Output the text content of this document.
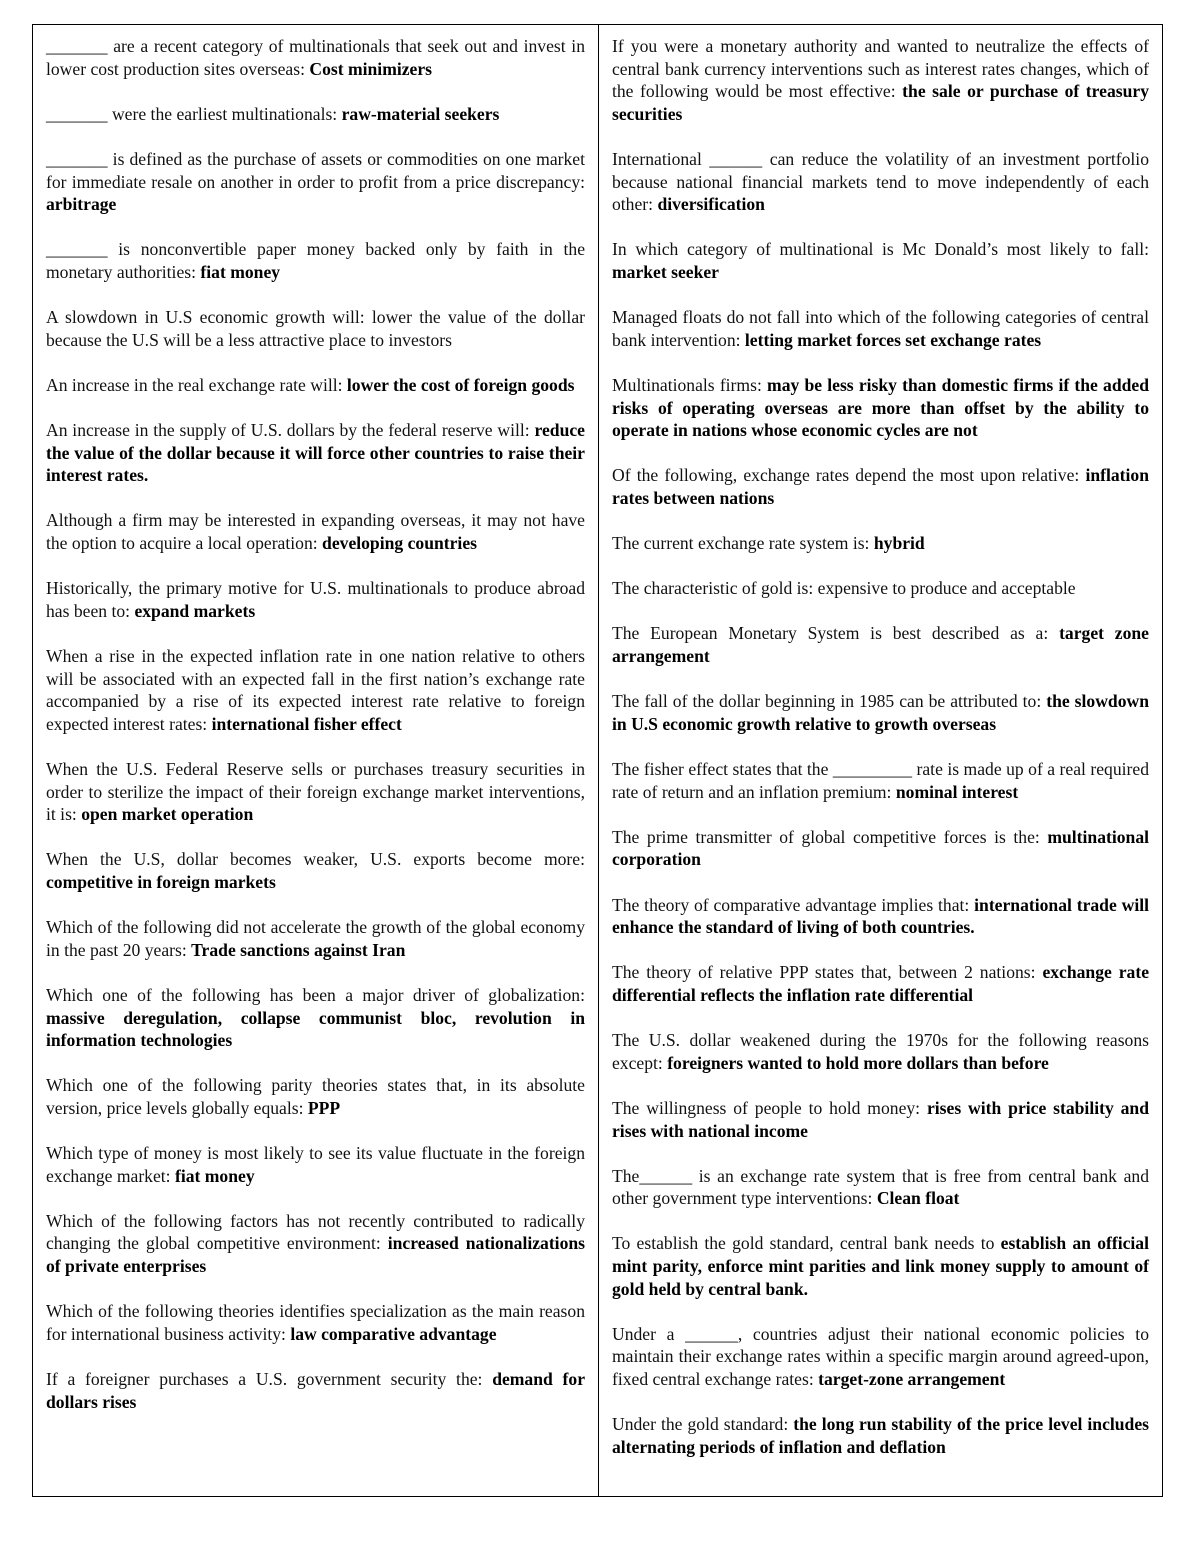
_______ are a recent category of multinationals that seek out and invest in lower cost production sites overseas: Cost minimizers

_______ were the earliest multinationals: raw-material seekers

_______ is defined as the purchase of assets or commodities on one market for immediate resale on another in order to profit from a price discrepancy: arbitrage

_______ is nonconvertible paper money backed only by faith in the monetary authorities: fiat money

A slowdown in U.S economic growth will: lower the value of the dollar because the U.S will be a less attractive place to investors

An increase in the real exchange rate will: lower the cost of foreign goods

An increase in the supply of U.S. dollars by the federal reserve will: reduce the value of the dollar because it will force other countries to raise their interest rates.

Although a firm may be interested in expanding overseas, it may not have the option to acquire a local operation: developing countries

Historically, the primary motive for U.S. multinationals to produce abroad has been to: expand markets

When a rise in the expected inflation rate in one nation relative to others will be associated with an expected fall in the first nation’s exchange rate accompanied by a rise of its expected interest rate relative to foreign expected interest rates: international fisher effect

When the U.S. Federal Reserve sells or purchases treasury securities in order to sterilize the impact of their foreign exchange market interventions, it is: open market operation

When the U.S, dollar becomes weaker, U.S. exports become more: competitive in foreign markets

Which of the following did not accelerate the growth of the global economy in the past 20 years: Trade sanctions against Iran

Which one of the following has been a major driver of globalization: massive deregulation, collapse communist bloc, revolution in information technologies

Which one of the following parity theories states that, in its absolute version, price levels globally equals: PPP

Which type of money is most likely to see its value fluctuate in the foreign exchange market: fiat money

Which of the following factors has not recently contributed to radically changing the global competitive environment: increased nationalizations of private enterprises

Which of the following theories identifies specialization as the main reason for international business activity: law comparative advantage

If a foreigner purchases a U.S. government security the: demand for dollars rises

If you were a monetary authority and wanted to neutralize the effects of central bank currency interventions such as interest rates changes, which of the following would be most effective: the sale or purchase of treasury securities

International ______ can reduce the volatility of an investment portfolio because national financial markets tend to move independently of each other: diversification

In which category of multinational is Mc Donald’s most likely to fall: market seeker

Managed floats do not fall into which of the following categories of central bank intervention: letting market forces set exchange rates

Multinationals firms: may be less risky than domestic firms if the added risks of operating overseas are more than offset by the ability to operate in nations whose economic cycles are not

Of the following, exchange rates depend the most upon relative: inflation rates between nations

The current exchange rate system is: hybrid

The characteristic of gold is: expensive to produce and acceptable

The European Monetary System is best described as a: target zone arrangement

The fall of the dollar beginning in 1985 can be attributed to: the slowdown in U.S economic growth relative to growth overseas

The fisher effect states that the _________ rate is made up of a real required rate of return and an inflation premium: nominal interest

The prime transmitter of global competitive forces is the: multinational corporation

The theory of comparative advantage implies that: international trade will enhance the standard of living of both countries.

The theory of relative PPP states that, between 2 nations: exchange rate differential reflects the inflation rate differential

The U.S. dollar weakened during the 1970s for the following reasons except: foreigners wanted to hold more dollars than before

The willingness of people to hold money: rises with price stability and rises with national income

The______ is an exchange rate system that is free from central bank and other government type interventions: Clean float

To establish the gold standard, central bank needs to establish an official mint parity, enforce mint parities and link money supply to amount of gold held by central bank.

Under a ______, countries adjust their national economic policies to maintain their exchange rates within a specific margin around agreed-upon, fixed central exchange rates: target-zone arrangement

Under the gold standard: the long run stability of the price level includes alternating periods of inflation and deflation
